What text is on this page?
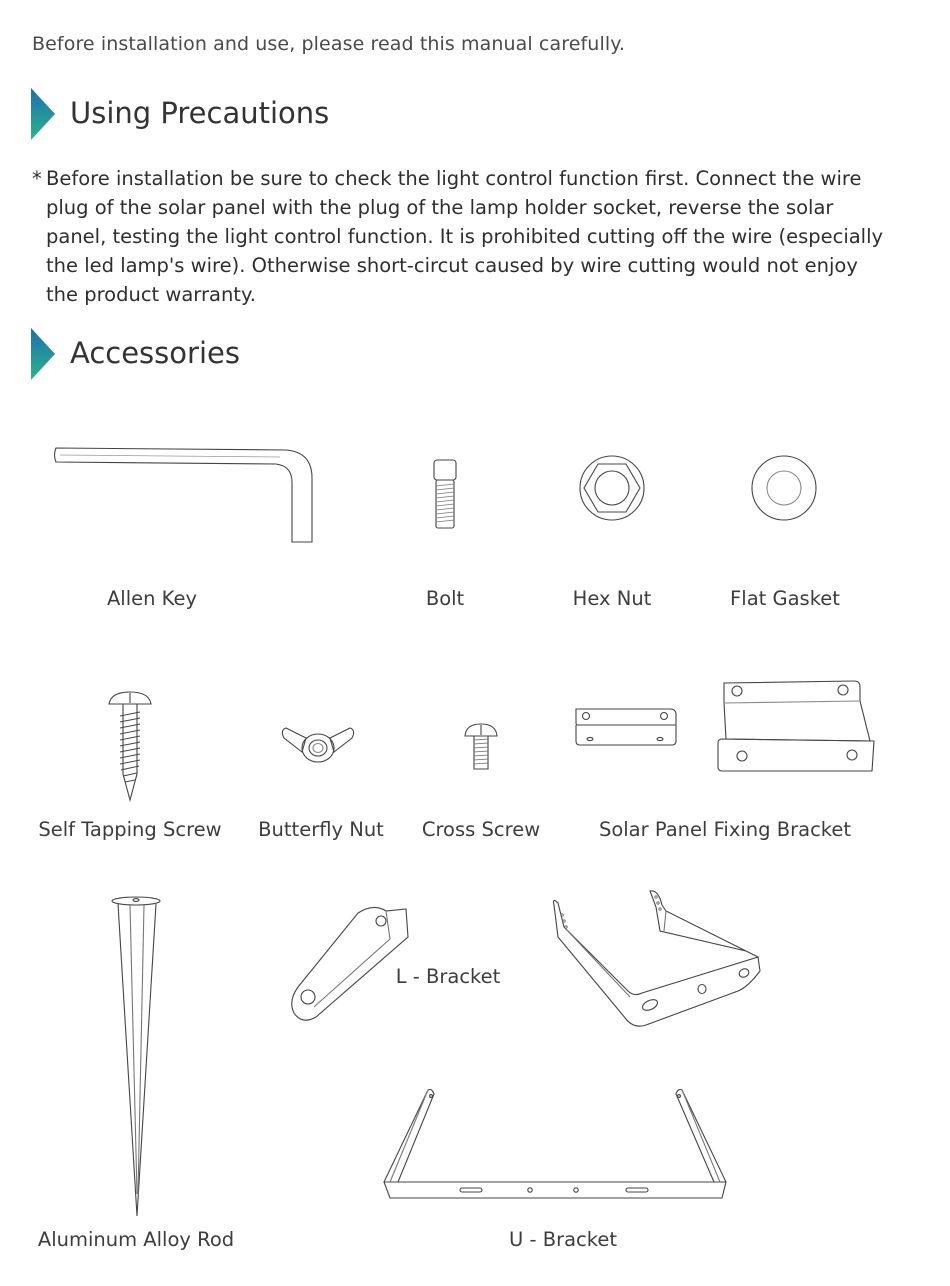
Before installation and use, please read this manual carefully.
Using Precautions
* Before installation be sure to check the light control function first. Connect the wire plug of the solar panel with the plug of the lamp holder socket, reverse the solar panel, testing the light control function. It is prohibited cutting off the wire (especially the led lamp's wire). Otherwise short-circut caused by wire cutting would not enjoy the product warranty.
Accessories
Allen Key	Bolt	Hex Nut	Flat Gasket
Self Tapping Screw Butterfly Nut Cross Screw	Solar Panel Fixing Bracket
Aluminum Alloy Rod
L - Bracket
U - Bracket
